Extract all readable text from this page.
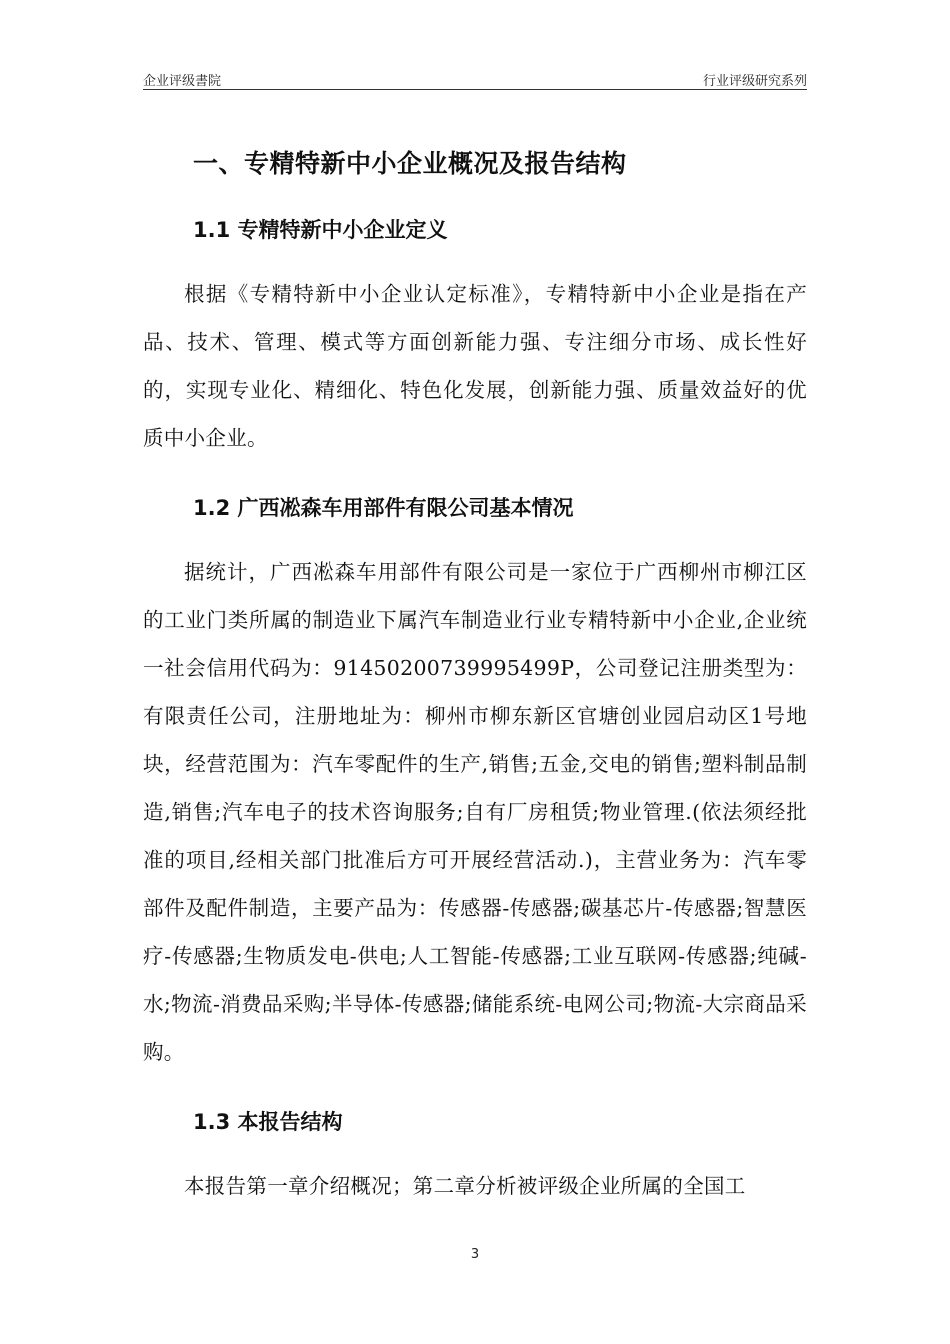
企业评级書院	行业评级研究系列
一、专精特新中小企业概况及报告结构
1.1 专精特新中小企业定义

根据《专精特新中小企业认定标准》，专精特新中小企业是指在产品、技术、管理、模式等方面创新能力强、专注细分市场、成长性好的，实现专业化、精细化、特色化发展，创新能力强、质量效益好的优质中小企业。

1.2 广西凇森车用部件有限公司基本情况

据统计，广西凇森车用部件有限公司是一家位于广西柳州市柳江区的工业门类所属的制造业下属汽车制造业行业专精特新中小企业,企业统一社会信用代码为：91450200739995499P，公司登记注册类型为：有限责任公司，注册地址为：柳州市柳东新区官塘创业园启动区1号地块，经营范围为：汽车零配件的生产,销售;五金,交电的销售;塑料制品制造,销售;汽车电子的技术咨询服务;自有厂房租赁;物业管理.(依法须经批准的项目,经相关部门批准后方可开展经营活动.)，主营业务为：汽车零部件及配件制造，主要产品为：传感器-传感器;碳基芯片-传感器;智慧医疗-传感器;生物质发电-供电;人工智能-传感器;工业互联网-传感器;纯碱-水;物流-消费品采购;半导体-传感器;储能系统-电网公司;物流-大宗商品采购。

1.3 本报告结构

本报告第一章介绍概况；第二章分析被评级企业所属的全国工

3
